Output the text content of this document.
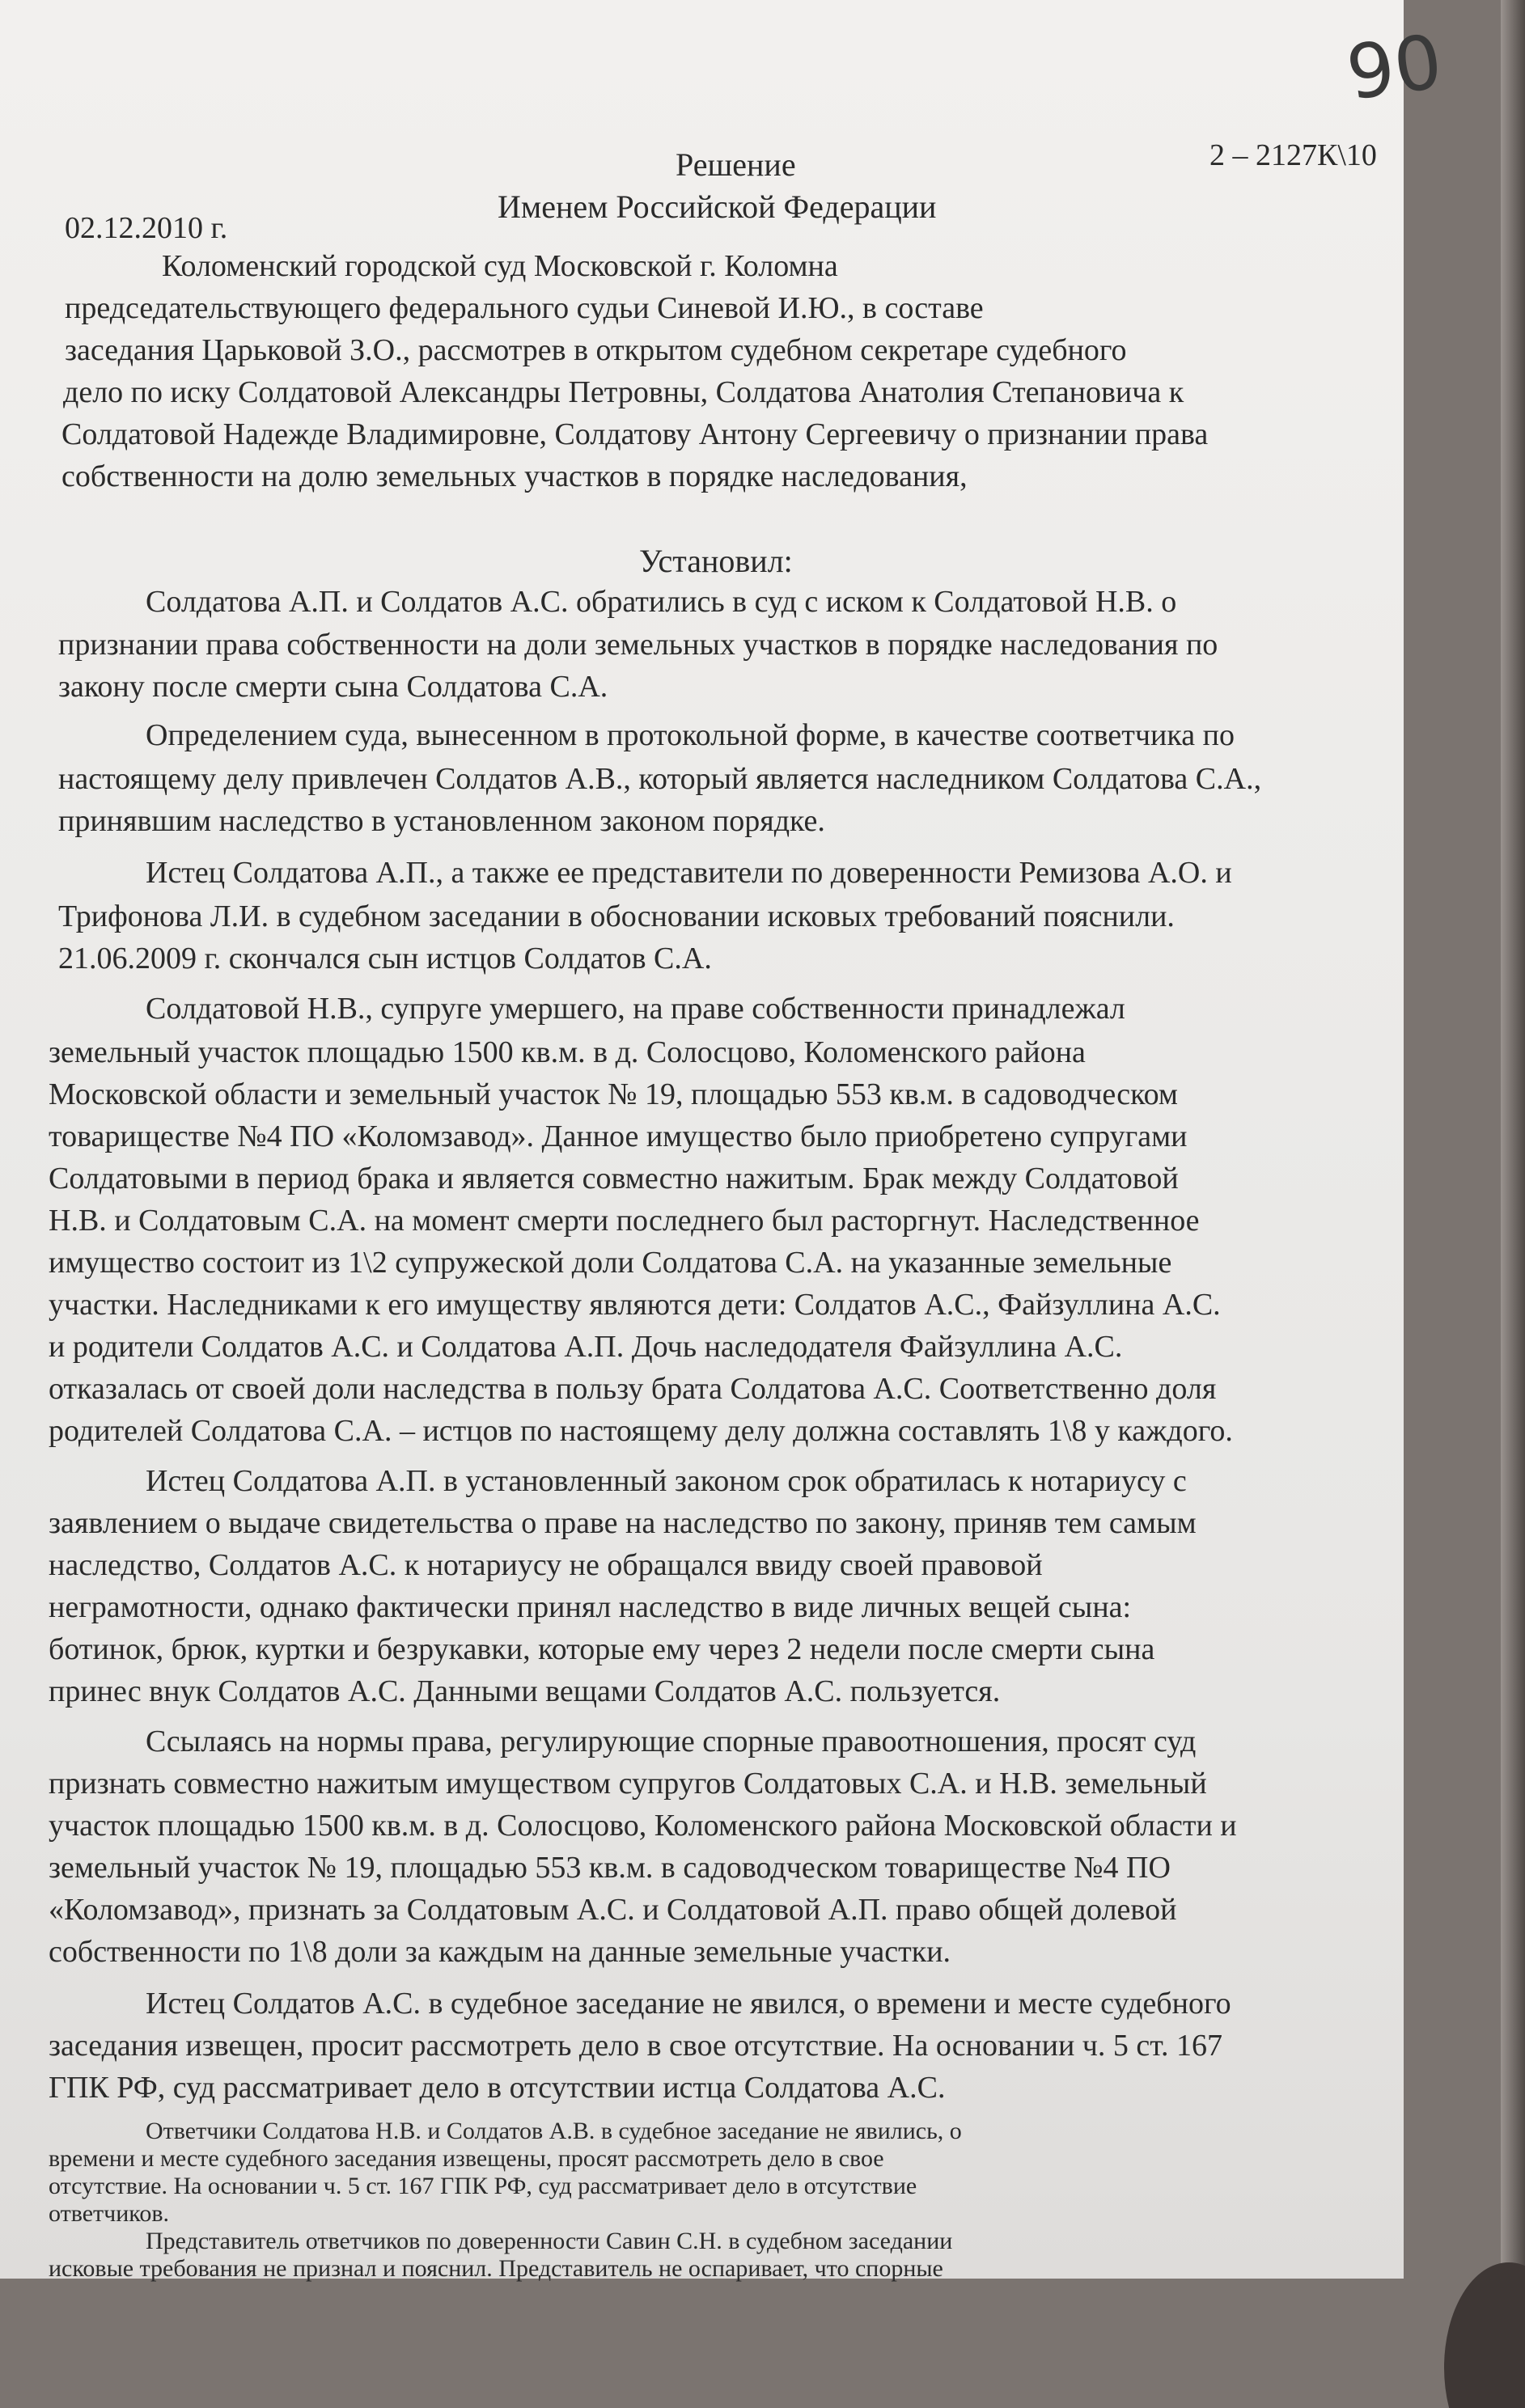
90
2 – 2127К\10
Решение
Именем Российской Федерации
02.12.2010 г.
Коломенский городской суд Московской г. Коломна
председательствующего федерального судьи Синевой И.Ю., в составе
заседания Царьковой З.О., рассмотрев в открытом судебном секретаре судебного
дело по иску Солдатовой Александры Петровны, Солдатова Анатолия Степановича к
Солдатовой Надежде Владимировне, Солдатову Антону Сергеевичу о признании права
собственности на долю земельных участков в порядке наследования,
Установил:
Солдатова А.П. и Солдатов А.С. обратились в суд с иском к Солдатовой Н.В. о
признании права собственности на доли земельных участков в порядке наследования по
закону после смерти сына Солдатова С.А.
Определением суда, вынесенном в протокольной форме, в качестве соответчика по
настоящему делу привлечен Солдатов А.В., который является наследником Солдатова С.А.,
принявшим наследство в установленном законом порядке.
Истец Солдатова А.П., а также ее представители по доверенности Ремизова А.О. и
Трифонова Л.И. в судебном заседании в обосновании исковых требований пояснили.
21.06.2009 г. скончался сын истцов Солдатов С.А.
Солдатовой Н.В., супруге умершего, на праве собственности принадлежал
земельный участок площадью 1500 кв.м. в д. Солосцово, Коломенского района
Московской области и земельный участок № 19, площадью 553 кв.м. в садоводческом
товариществе №4 ПО «Коломзавод». Данное имущество было приобретено супругами
Солдатовыми в период брака и является совместно нажитым. Брак между Солдатовой
Н.В. и Солдатовым С.А. на момент смерти последнего был расторгнут. Наследственное
имущество состоит из 1\2 супружеской доли Солдатова С.А. на указанные земельные
участки. Наследниками к его имуществу являются дети: Солдатов А.С., Файзуллина А.С.
и родители Солдатов А.С. и Солдатова А.П. Дочь наследодателя Файзуллина А.С.
отказалась от своей доли наследства в пользу брата Солдатова А.С. Соответственно доля
родителей Солдатова С.А. – истцов по настоящему делу должна составлять 1\8 у каждого.
Истец Солдатова А.П. в установленный законом срок обратилась к нотариусу с
заявлением о выдаче свидетельства о праве на наследство по закону, приняв тем самым
наследство, Солдатов А.С. к нотариусу не обращался ввиду своей правовой
неграмотности, однако фактически принял наследство в виде личных вещей сына:
ботинок, брюк, куртки и безрукавки, которые ему через 2 недели после смерти сына
принес внук Солдатов А.С. Данными вещами Солдатов А.С. пользуется.
Ссылаясь на нормы права, регулирующие спорные правоотношения, просят суд
признать совместно нажитым имуществом супругов Солдатовых С.А. и Н.В. земельный
участок площадью 1500 кв.м. в д. Солосцово, Коломенского района Московской области и
земельный участок № 19, площадью 553 кв.м. в садоводческом товариществе №4 ПО
«Коломзавод», признать за Солдатовым А.С. и Солдатовой А.П. право общей долевой
собственности по 1\8 доли за каждым на данные земельные участки.
Истец Солдатов А.С. в судебное заседание не явился, о времени и месте судебного
заседания извещен, просит рассмотреть дело в свое отсутствие. На основании ч. 5 ст. 167
ГПК РФ, суд рассматривает дело в отсутствии истца Солдатова А.С.
Ответчики Солдатова Н.В. и Солдатов А.В. в судебное заседание не явились, о
времени и месте судебного заседания извещены, просят рассмотреть дело в свое
отсутствие. На основании ч. 5 ст. 167 ГПК РФ, суд рассматривает дело в отсутствие
ответчиков.
Представитель ответчиков по доверенности Савин С.Н. в судебном заседании
исковые требования не признал и пояснил. Представитель не оспаривает, что спорные
